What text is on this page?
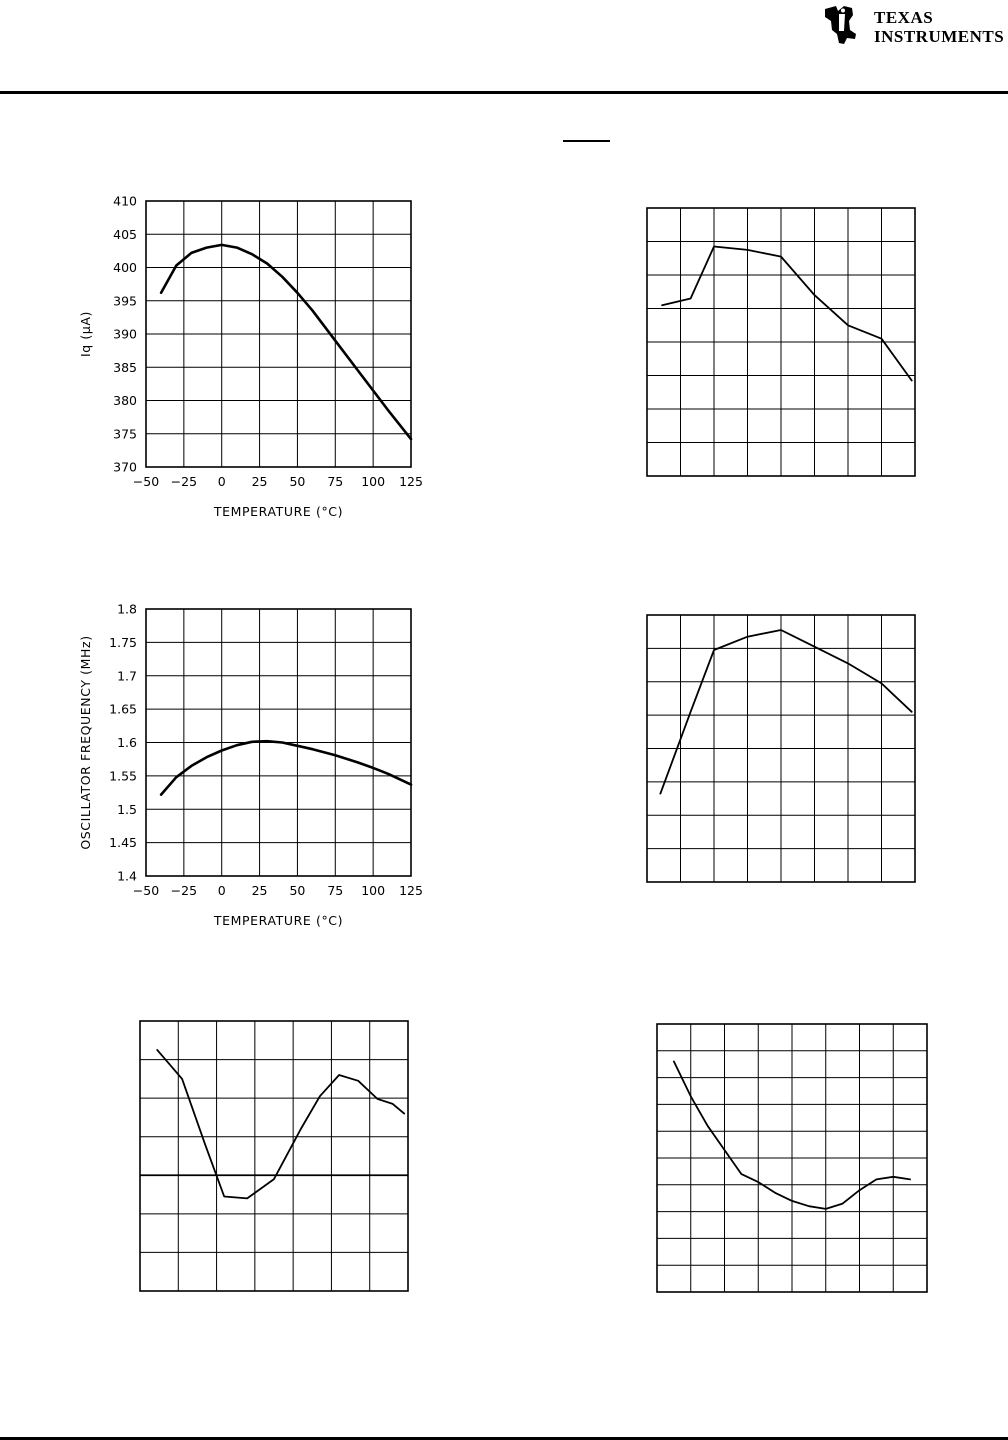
TEXAS
INSTRUMENTS
−50 −25 0 25 50 75 100 125
370
375
380
385
390
395
400
405
410
TEMPERATURE (°C)
Iq (µA)
−50 −25 0 25 50 75 100 125
1.4
1.45
1.5
1.55
1.6
1.65
1.7
1.75
1.8
TEMPERATURE (°C)
OSCILLATOR FREQUENCY (MHz)
